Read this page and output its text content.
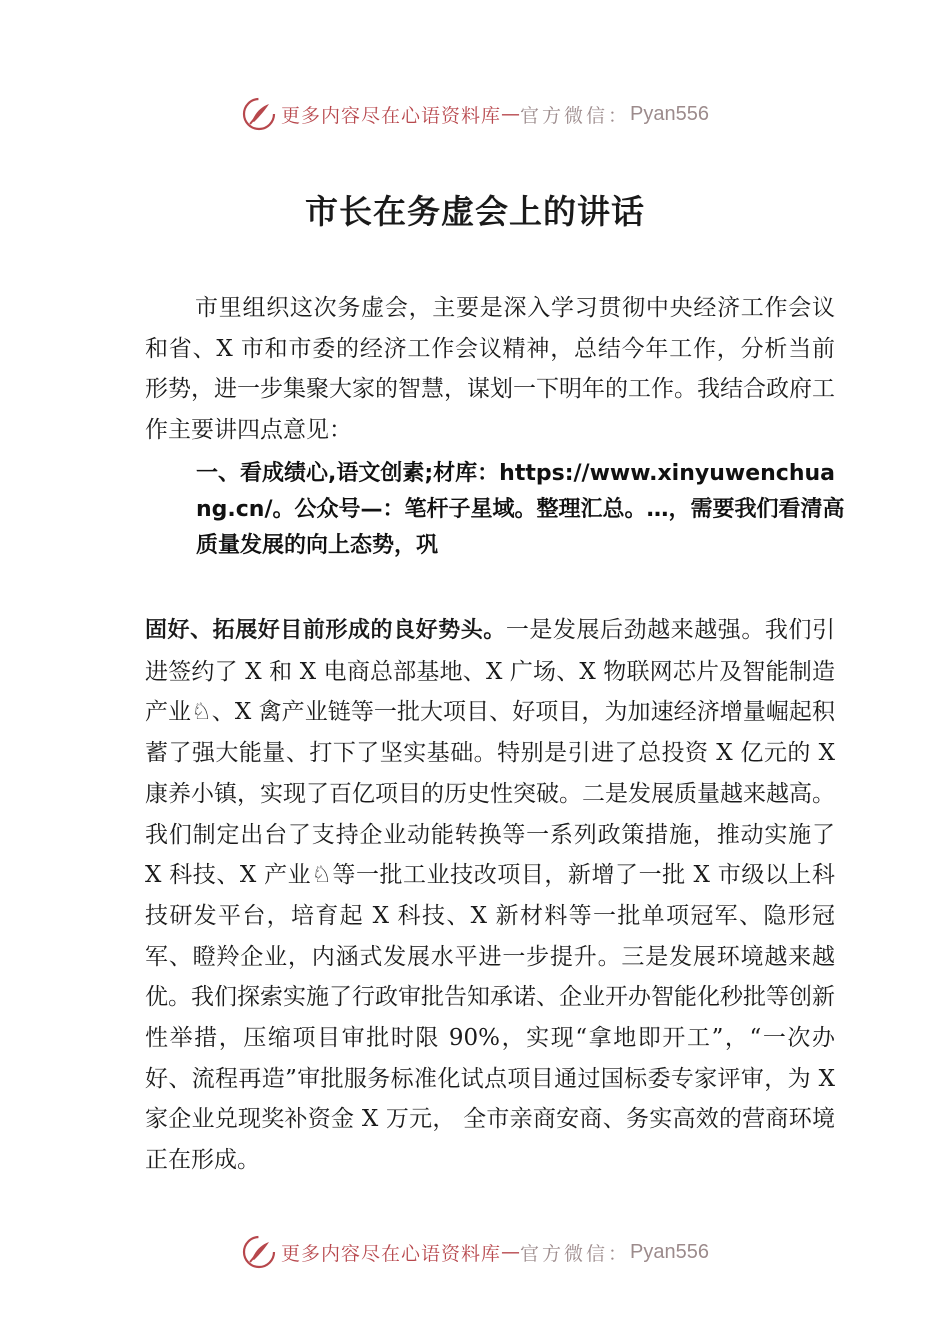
更多内容尽在心语资料库 — 官方微信： Pyan556
市长在务虚会上的讲话

市里组织这次务虚会，主要是深入学习贯彻中央经济工作会议和省、X 市和市委的经济工作会议精神，总结今年工作，分析当前形势，进一步集聚大家的智慧，谋划一下明年的工作。我结合政府工作主要讲四点意见：

一、看成绩心,语文创素;材库：https://www.xinyuwenchuang.cn/。公众号—：笔杆子星域。整理汇总。…，需要我们看清高质量发展的向上态势，巩

固好、拓展好目前形成的良好势头。一是发展后劲越来越强。我们引进签约了 X 和 X 电商总部基地、X 广场、X 物联网芯片及智能制造产业♘、X 禽产业链等一批大项目、好项目，为加速经济增量崛起积蓄了强大能量、打下了坚实基础。特别是引进了总投资 X 亿元的 X 康养小镇，实现了百亿项目的历史性突破。二是发展质量越来越高。我们制定出台了支持企业动能转换等一系列政策措施，推动实施了 X 科技、X 产业♘等一批工业技改项目，新增了一批 X 市级以上科技研发平台，培育起 X 科技、X 新材料等一批单项冠军、隐形冠军、瞪羚企业，内涵式发展水平进一步提升。三是发展环境越来越优。我们探索实施了行政审批告知承诺、企业开办智能化秒批等创新性举措，压缩项目审批时限 90%，实现“拿地即开工”，“一次办好、流程再造”审批服务标准化试点项目通过国标委专家评审，为 X 家企业兑现奖补资金 X 万元， 全市亲商安商、务实高效的营商环境正在形成。

更多内容尽在心语资料库 — 官方微信： Pyan556
